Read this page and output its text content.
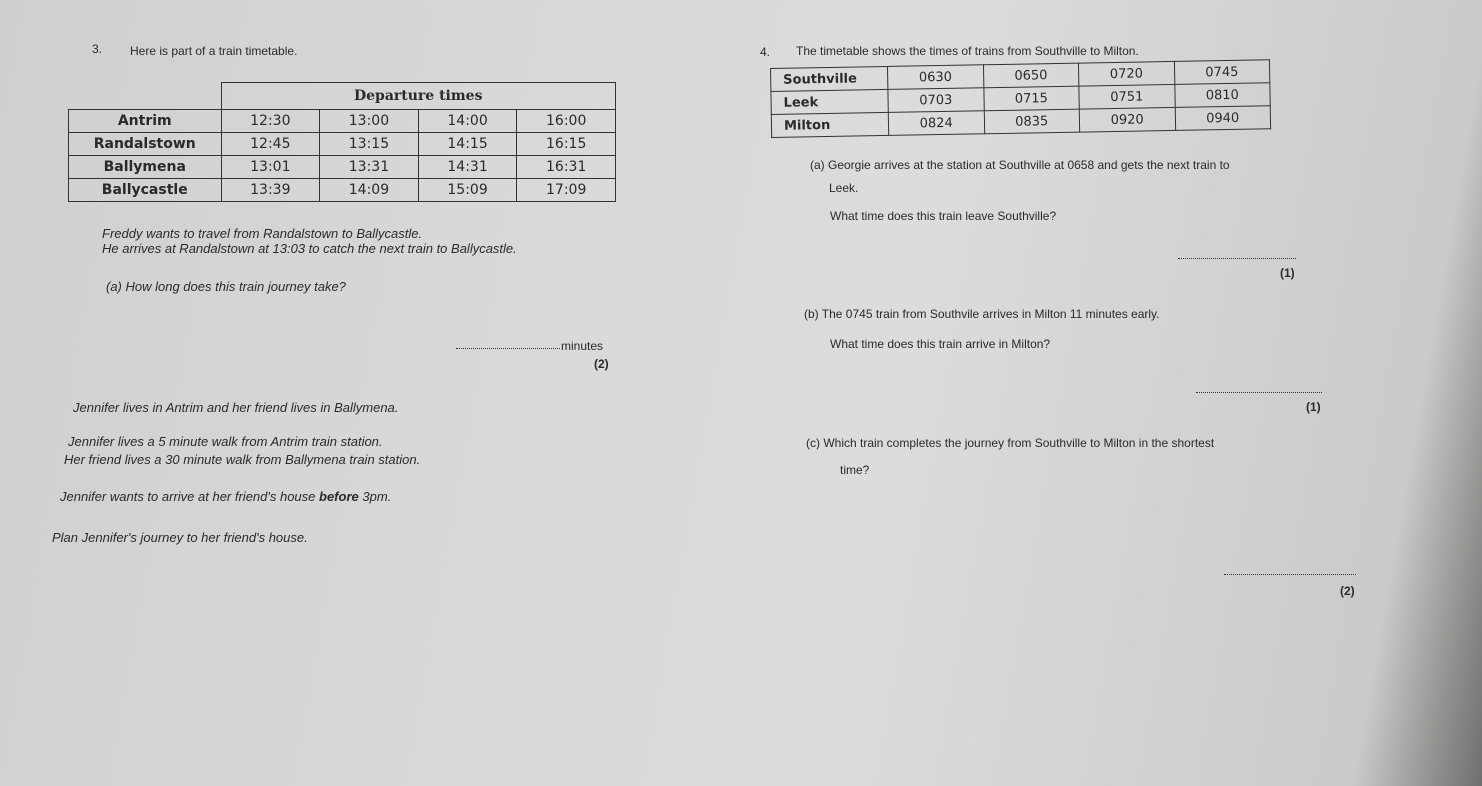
3. Here is part of a train timetable.
	Departure times			
Antrim	12:30	13:00	14:00	16:00
Randalstown	12:45	13:15	14:15	16:15
Ballymena	13:01	13:31	14:31	16:31
Ballycastle	13:39	14:09	15:09	17:09
Freddy wants to travel from Randalstown to Ballycastle.
He arrives at Randalstown at 13:03 to catch the next train to Ballycastle.
(a) How long does this train journey take?
minutes
(2)
Jennifer lives in Antrim and her friend lives in Ballymena.
Jennifer lives a 5 minute walk from Antrim train station.
Her friend lives a 30 minute walk from Ballymena train station.
Jennifer wants to arrive at her friend's house before 3pm.
Plan Jennifer's journey to her friend's house.
4. The timetable shows the times of trains from Southville to Milton.
Southville	0630	0650	0720	0745
Leek	0703	0715	0751	0810
Milton	0824	0835	0920	0940
(a) Georgie arrives at the station at Southville at 0658 and gets the next train to
Leek.
What time does this train leave Southville?
(1)
(b) The 0745 train from Southvile arrives in Milton 11 minutes early.
What time does this train arrive in Milton?
(1)
(c) Which train completes the journey from Southville to Milton in the shortest
time?
(2)
